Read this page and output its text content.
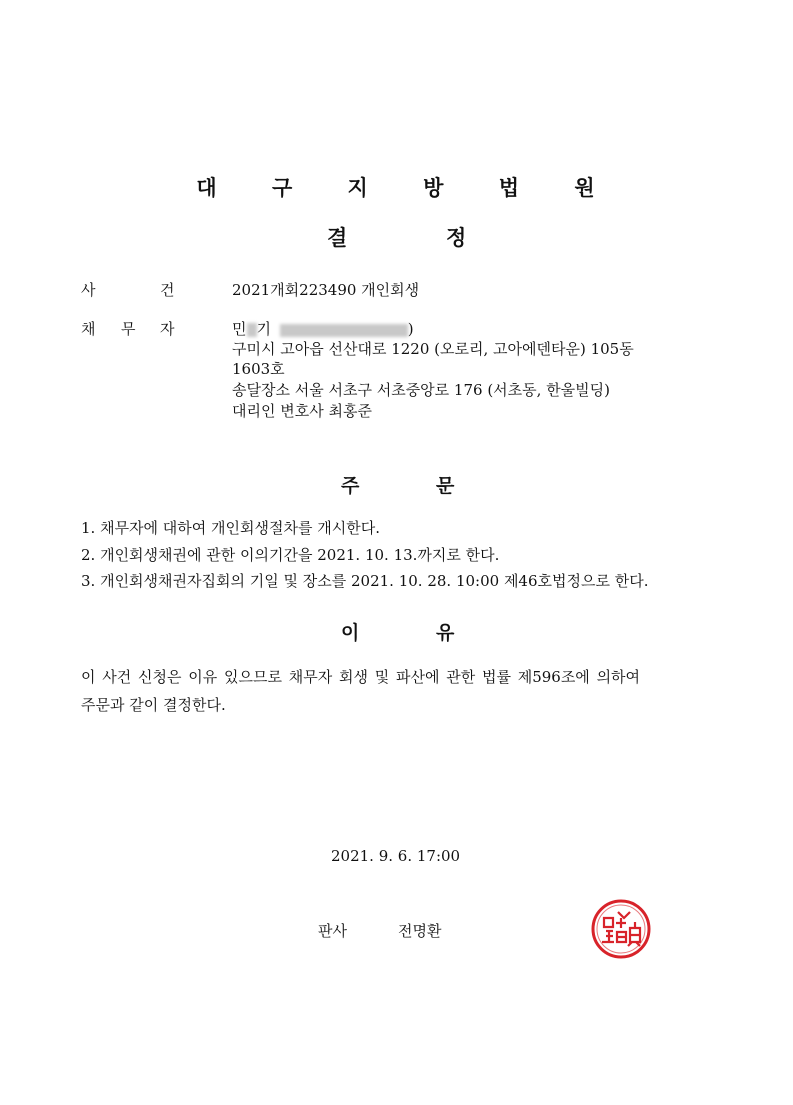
대 구 지 방 법 원
결	정
사	건	2021개회223490 개인회생
채 무 자	민 기	)
구미시 고아읍 선산대로 1220 (오로리, 고아에덴타운) 105동
1603호
송달장소 서울 서초구 서초중앙로 176 (서초동, 한울빌딩)
대리인 변호사 최홍준
주	문
1. 채무자에 대하여 개인회생절차를 개시한다.
2. 개인회생채권에 관한 이의기간을 2021. 10. 13.까지로 한다.
3. 개인회생채권자집회의 기일 및 장소를 2021. 10. 28. 10:00 제46호법정으로 한다.
이	유
이 사건 신청은 이유 있으므로 채무자 회생 및 파산에 관한 법률 제596조에 의하여
주문과 같이 결정한다.
2021. 9. 6. 17:00
판사	전명환
